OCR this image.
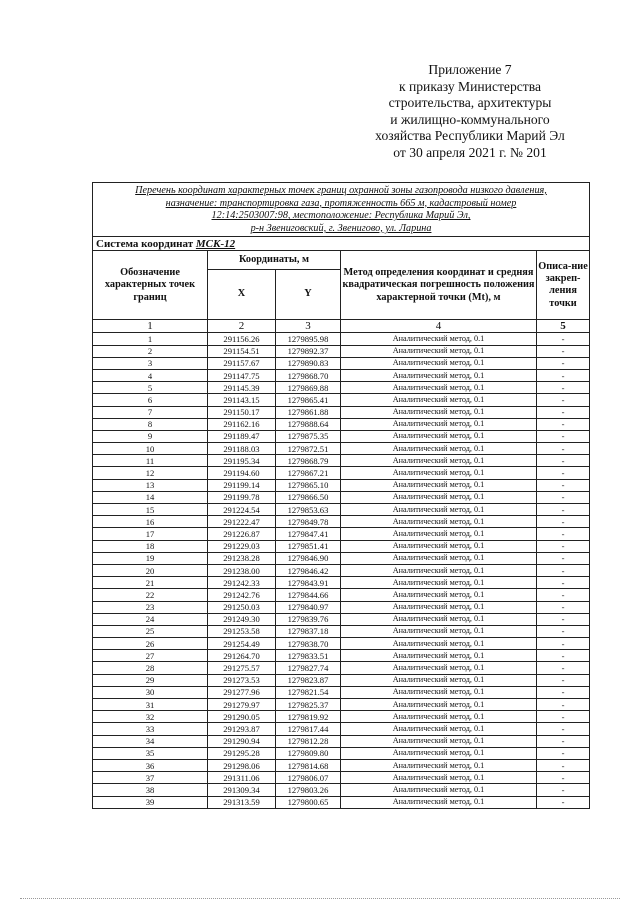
Приложение 7
к приказу Министерства
строительства, архитектуры
и жилищно-коммунального
хозяйства Республики Марий Эл
от 30 апреля 2021 г. № 201
Перечень координат характерных точек границ охранной зоны газопровода низкого давления,
назначение: транспортировка газа, протяженность 665 м, кадастровый номер
12:14:2503007:98, местоположение: Республика Марий Эл,
р-н Звениговский, г. Звенигово, ул. Ларина				

Система координат МСК-12				
Обозначение характерных точек границ	Координаты, м		Метод определения координат и средняя квадратическая погрешность положения характерной точки (Mt), м	Описа-ние закреп-ления точки
	X	Y		
1	2	3	4	5
1	291156.26	1279895.98	Аналитический метод, 0.1	-
2	291154.51	1279892.37	Аналитический метод, 0.1	-
3	291157.67	1279890.83	Аналитический метод, 0.1	-
4	291147.75	1279868.70	Аналитический метод, 0.1	-
5	291145.39	1279869.88	Аналитический метод, 0.1	-
6	291143.15	1279865.41	Аналитический метод, 0.1	-
7	291150.17	1279861.88	Аналитический метод, 0.1	-
8	291162.16	1279888.64	Аналитический метод, 0.1	-
9	291189.47	1279875.35	Аналитический метод, 0.1	-
10	291188.03	1279872.51	Аналитический метод, 0.1	-
11	291195.34	1279868.79	Аналитический метод, 0.1	-
12	291194.60	1279867.21	Аналитический метод, 0.1	-
13	291199.14	1279865.10	Аналитический метод, 0.1	-
14	291199.78	1279866.50	Аналитический метод, 0.1	-
15	291224.54	1279853.63	Аналитический метод, 0.1	-
16	291222.47	1279849.78	Аналитический метод, 0.1	-
17	291226.87	1279847.41	Аналитический метод, 0.1	-
18	291229.03	1279851.41	Аналитический метод, 0.1	-
19	291238.28	1279846.90	Аналитический метод, 0.1	-
20	291238.00	1279846.42	Аналитический метод, 0.1	-
21	291242.33	1279843.91	Аналитический метод, 0.1	-
22	291242.76	1279844.66	Аналитический метод, 0.1	-
23	291250.03	1279840.97	Аналитический метод, 0.1	-
24	291249.30	1279839.76	Аналитический метод, 0.1	-
25	291253.58	1279837.18	Аналитический метод, 0.1	-
26	291254.49	1279838.70	Аналитический метод, 0.1	-
27	291264.70	1279833.51	Аналитический метод, 0.1	-
28	291275.57	1279827.74	Аналитический метод, 0.1	-
29	291273.53	1279823.87	Аналитический метод, 0.1	-
30	291277.96	1279821.54	Аналитический метод, 0.1	-
31	291279.97	1279825.37	Аналитический метод, 0.1	-
32	291290.05	1279819.92	Аналитический метод, 0.1	-
33	291293.87	1279817.44	Аналитический метод, 0.1	-
34	291290.94	1279812.28	Аналитический метод, 0.1	-
35	291295.28	1279809.80	Аналитический метод, 0.1	-
36	291298.06	1279814.68	Аналитический метод, 0.1	-
37	291311.06	1279806.07	Аналитический метод, 0.1	-
38	291309.34	1279803.26	Аналитический метод, 0.1	-
39	291313.59	1279800.65	Аналитический метод, 0.1	-
